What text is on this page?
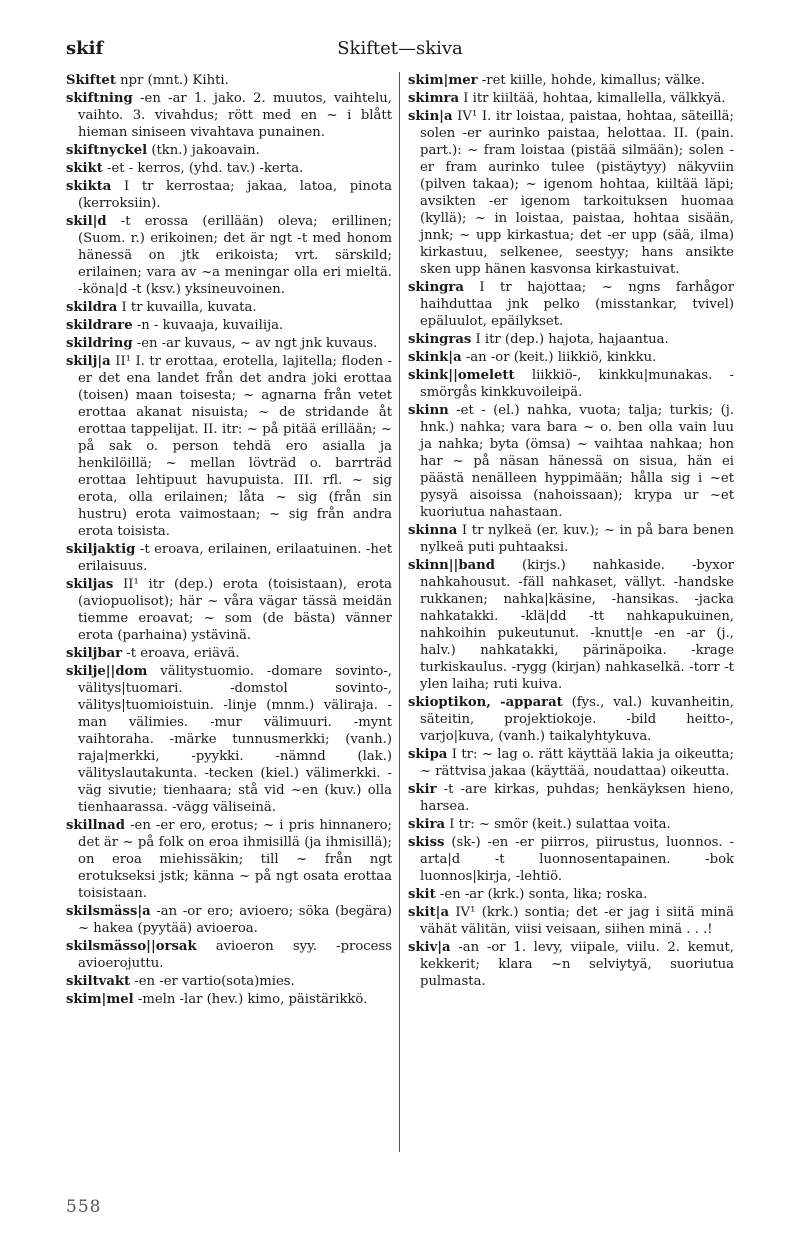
skif	Skiftet—skiva

Skiftet npr (mnt.) Kihti.

skiftning -en -ar 1. jako. 2. muutos, vaihtelu, vaihto. 3. vivahdus; rött med en ~ i blått hieman siniseen vivahtava punainen.

skiftnyckel (tkn.) jakoavain.

skikt -et - kerros, (yhd. tav.) -kerta.

skikta I tr kerrostaa; jakaa, latoa, pinota (kerroksiin).

skil|d -t erossa (erillään) oleva; erillinen; (Suom. r.) erikoinen; det är ngt -t med honom hänessä on jtk erikoista; vrt. särskild; erilainen; vara av ~a meningar olla eri mieltä. -köna|d -t (ksv.) yksineuvoinen.

skildra I tr kuvailla, kuvata.

skildrare -n - kuvaaja, kuvailija.

skildring -en -ar kuvaus, ~ av ngt jnk kuvaus.

skilj|a II¹ I. tr erottaa, erotella, lajitella; floden -er det ena landet från det andra joki erottaa (toisen) maan toisesta; ~ agnarna från vetet erottaa akanat nisuista; ~ de stridande åt erottaa tappelijat. II. itr: ~ på pitää erillään; ~ på sak o. person tehdä ero asialla ja henkilöillä; ~ mellan lövträd o. barrträd erottaa lehtipuut havupuista. III. rfl. ~ sig erota, olla erilainen; låta ~ sig (från sin hustru) erota vaimostaan; ~ sig från andra erota toisista.

skiljaktig -t eroava, erilainen, erilaatuinen. -het erilaisuus.

skiljas II¹ itr (dep.) erota (toisistaan), erota (aviopuolisot); här ~ våra vägar tässä meidän tiemme eroavat; ~ som (de bästa) vänner erota (parhaina) ystävinä.

skiljbar -t eroava, eriävä.

skilje||dom välitystuomio. -domare sovinto-, välitys|tuomari. -domstol sovinto-, välitys|tuomioistuin. -linje (mnm.) väliraja. -man välimies. -mur välimuuri. -mynt vaihtoraha. -märke tunnusmerkki; (vanh.) raja|merkki, -pyykki. -nämnd (lak.) välityslautakunta. -tecken (kiel.) välimerkki. -väg sivutie; tienhaara; stå vid ~en (kuv.) olla tienhaarassa. -vägg väliseinä.

skillnad -en -er ero, erotus; ~ i pris hinnanero; det är ~ på folk on eroa ihmisillä (ja ihmisillä); on eroa miehissäkin; till ~ från ngt erotukseksi jstk; känna ~ på ngt osata erottaa toisistaan.

skilsmäss|a -an -or ero; avioero; söka (begära) ~ hakea (pyytää) avioeroa.

skilsmässo||orsak avioeron syy. -process avioerojuttu.

skiltvakt -en -er vartio(sota)mies.

skim|mel -meln -lar (hev.) kimo, päistärikkö.

skim|mer -ret kiille, hohde, kimallus; välke.

skimra I itr kiiltää, hohtaa, kimallella, välkkyä.

skin|a IV¹ I. itr loistaa, paistaa, hohtaa, säteillä; solen -er aurinko paistaa, helottaa. II. (pain. part.): ~ fram loistaa (pistää silmään); solen -er fram aurinko tulee (pistäytyy) näkyviin (pilven takaa); ~ igenom hohtaa, kiiltää läpi; avsikten -er igenom tarkoituksen huomaa (kyllä); ~ in loistaa, paistaa, hohtaa sisään, jnnk; ~ upp kirkastua; det -er upp (sää, ilma) kirkastuu, selkenee, seestyy; hans ansikte sken upp hänen kasvonsa kirkastuivat.

skingra I tr hajottaa; ~ ngns farhågor haihduttaa jnk pelko (misstankar, tvivel) epäluulot, epäilykset.

skingras I itr (dep.) hajota, hajaantua.

skink|a -an -or (keit.) liikkiö, kinkku.

skink||omelett liikkiö-, kinkku|munakas. -smörgås kinkkuvoileipä.

skinn -et - (el.) nahka, vuota; talja; turkis; (j. hnk.) nahka; vara bara ~ o. ben olla vain luu ja nahka; byta (ömsa) ~ vaihtaa nahkaa; hon har ~ på näsan hänessä on sisua, hän ei päästä nenälleen hyppimään; hålla sig i ~et pysyä aisoissa (nahoissaan); krypa ur ~et kuoriutua nahastaan.

skinna I tr nylkeä (er. kuv.); ~ in på bara benen nylkeä puti puhtaaksi.

skinn||band (kirjs.) nahkaside. -byxor nahkahousut. -fäll nahkaset, vällyt. -handske rukkanen; nahka|käsine, -hansikas. -jacka nahkatakki. -klä|dd -tt nahkapukuinen, nahkoihin pukeutunut. -knutt|e -en -ar (j., halv.) nahkatakki, pärinäpoika. -krage turkiskaulus. -rygg (kirjan) nahkaselkä. -torr -t ylen laiha; ruti kuiva.

skioptikon, -apparat (fys., val.) kuvanheitin, säteitin, projektiokoje. -bild heitto-, varjo|kuva, (vanh.) taikalyhtykuva.

skipa I tr: ~ lag o. rätt käyttää lakia ja oikeutta; ~ rättvisa jakaa (käyttää, noudattaa) oikeutta.

skir -t -are kirkas, puhdas; henkäyksen hieno, harsea.

skira I tr: ~ smör (keit.) sulattaa voita.

skiss (sk-) -en -er piirros, piirustus, luonnos. -arta|d -t luonnosentapainen. -bok luonnos|kirja, -lehtiö.

skit -en -ar (krk.) sonta, lika; roska.

skit|a IV¹ (krk.) sontia; det -er jag i siitä minä vähät välitän, viisi veisaan, siihen minä . . .!

skiv|a -an -or 1. levy, viipale, viilu. 2. kemut, kekkerit; klara ~n selviytyä, suoriutua pulmasta.

558
